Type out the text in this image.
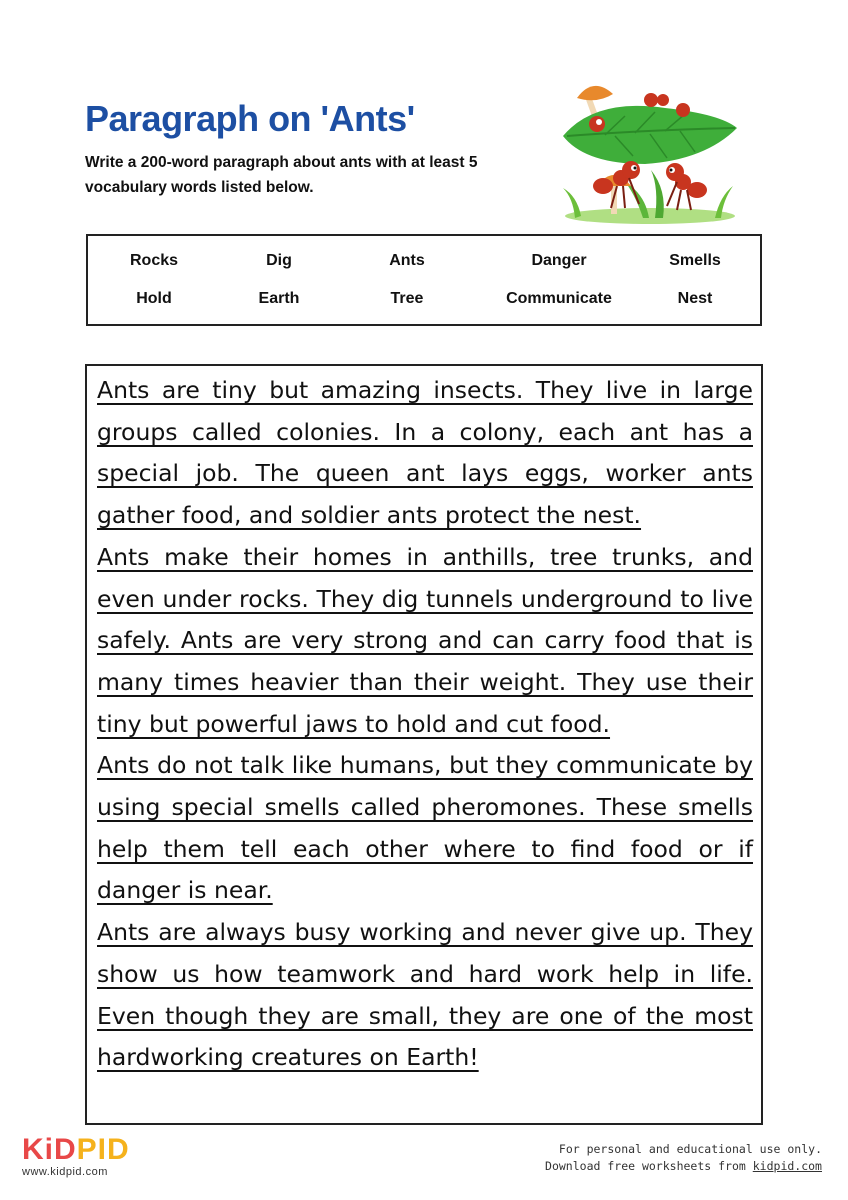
Paragraph on 'Ants'
Write a 200-word paragraph about ants with at least 5 vocabulary words listed below.
Rocks	Dig	Ants	Danger	Smells
Hold	Earth	Tree	Communicate	Nest
Ants are tiny but amazing insects. They live in large groups called colonies. In a colony, each ant has a special job. The queen ant lays eggs, worker ants gather food, and soldier ants protect the nest.
Ants make their homes in anthills, tree trunks, and even under rocks. They dig tunnels underground to live safely. Ants are very strong and can carry food that is many times heavier than their weight. They use their tiny but powerful jaws to hold and cut food.
Ants do not talk like humans, but they communicate by using special smells called pheromones. These smells help them tell each other where to find food or if danger is near.
Ants are always busy working and never give up. They show us how teamwork and hard work help in life. Even though they are small, they are one of the most hardworking creatures on Earth!
KiDPID
www.kidpid.com
For personal and educational use only.
Download free worksheets from kidpid.com
